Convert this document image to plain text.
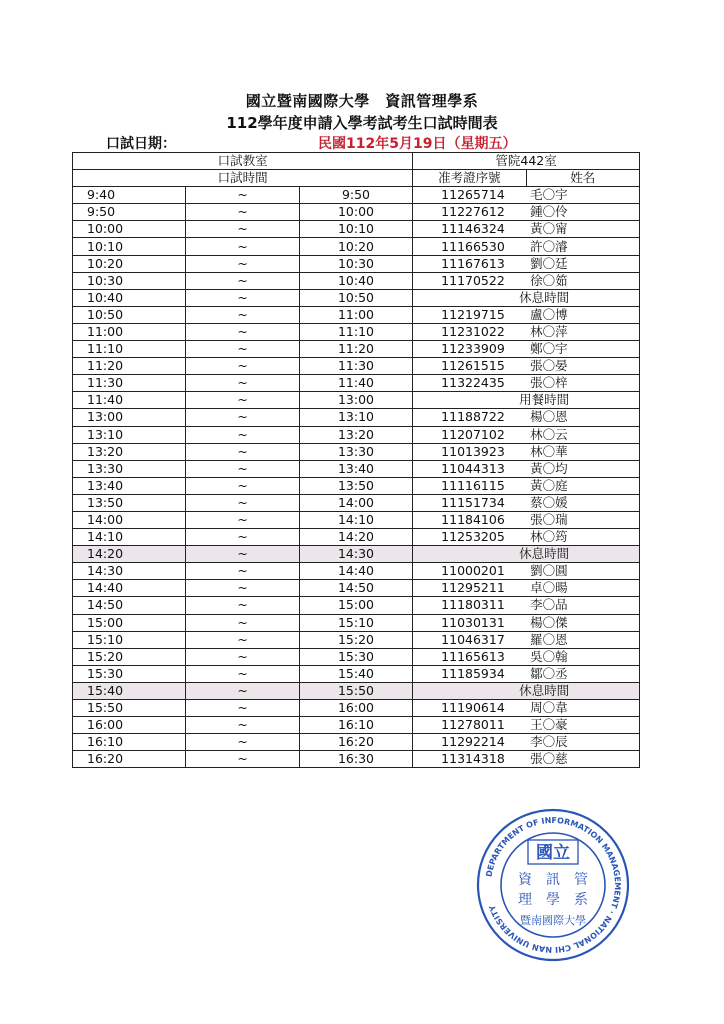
國立暨南國際大學　資訊管理學系
112學年度申請入學考試考生口試時間表
口試日期：	民國112年5月19日（星期五）
口試教室			管院442室	
口試時間			准考證序號	姓名
9:40	~	9:50	11265714	毛〇宇
9:50	~	10:00	11227612	鍾〇伶
10:00	~	10:10	11146324	黃〇甯
10:10	~	10:20	11166530	許〇濬
10:20	~	10:30	11167613	劉〇廷
10:30	~	10:40	11170522	徐〇筎
10:40	~	10:50	休息時間	
10:50	~	11:00	11219715	盧〇博
11:00	~	11:10	11231022	林〇萍
11:10	~	11:20	11233909	鄭〇宇
11:20	~	11:30	11261515	張〇晏
11:30	~	11:40	11322435	張〇梓
11:40	~	13:00	用餐時間	
13:00	~	13:10	11188722	楊〇恩
13:10	~	13:20	11207102	林〇云
13:20	~	13:30	11013923	林〇華
13:30	~	13:40	11044313	黃〇均
13:40	~	13:50	11116115	黃〇庭
13:50	~	14:00	11151734	蔡〇媛
14:00	~	14:10	11184106	張〇瑞
14:10	~	14:20	11253205	林〇筠
14:20	~	14:30	休息時間	
14:30	~	14:40	11000201	劉〇圓
14:40	~	14:50	11295211	卓〇暘
14:50	~	15:00	11180311	李〇品
15:00	~	15:10	11030131	楊〇傑
15:10	~	15:20	11046317	羅〇恩
15:20	~	15:30	11165613	吳〇翰
15:30	~	15:40	11185934	鄒〇丞
15:40	~	15:50	休息時間	
15:50	~	16:00	11190614	周〇韋
16:00	~	16:10	11278011	王〇豪
16:10	~	16:20	11292214	李〇辰
16:20	~	16:30	11314318	張〇慈
DEPARTMENT OF INFORMATION MANAGEMENT · NATIONAL CHI NAN UNIVERSITY
國立
資　訊　管
理　學　系
暨南國際大學
